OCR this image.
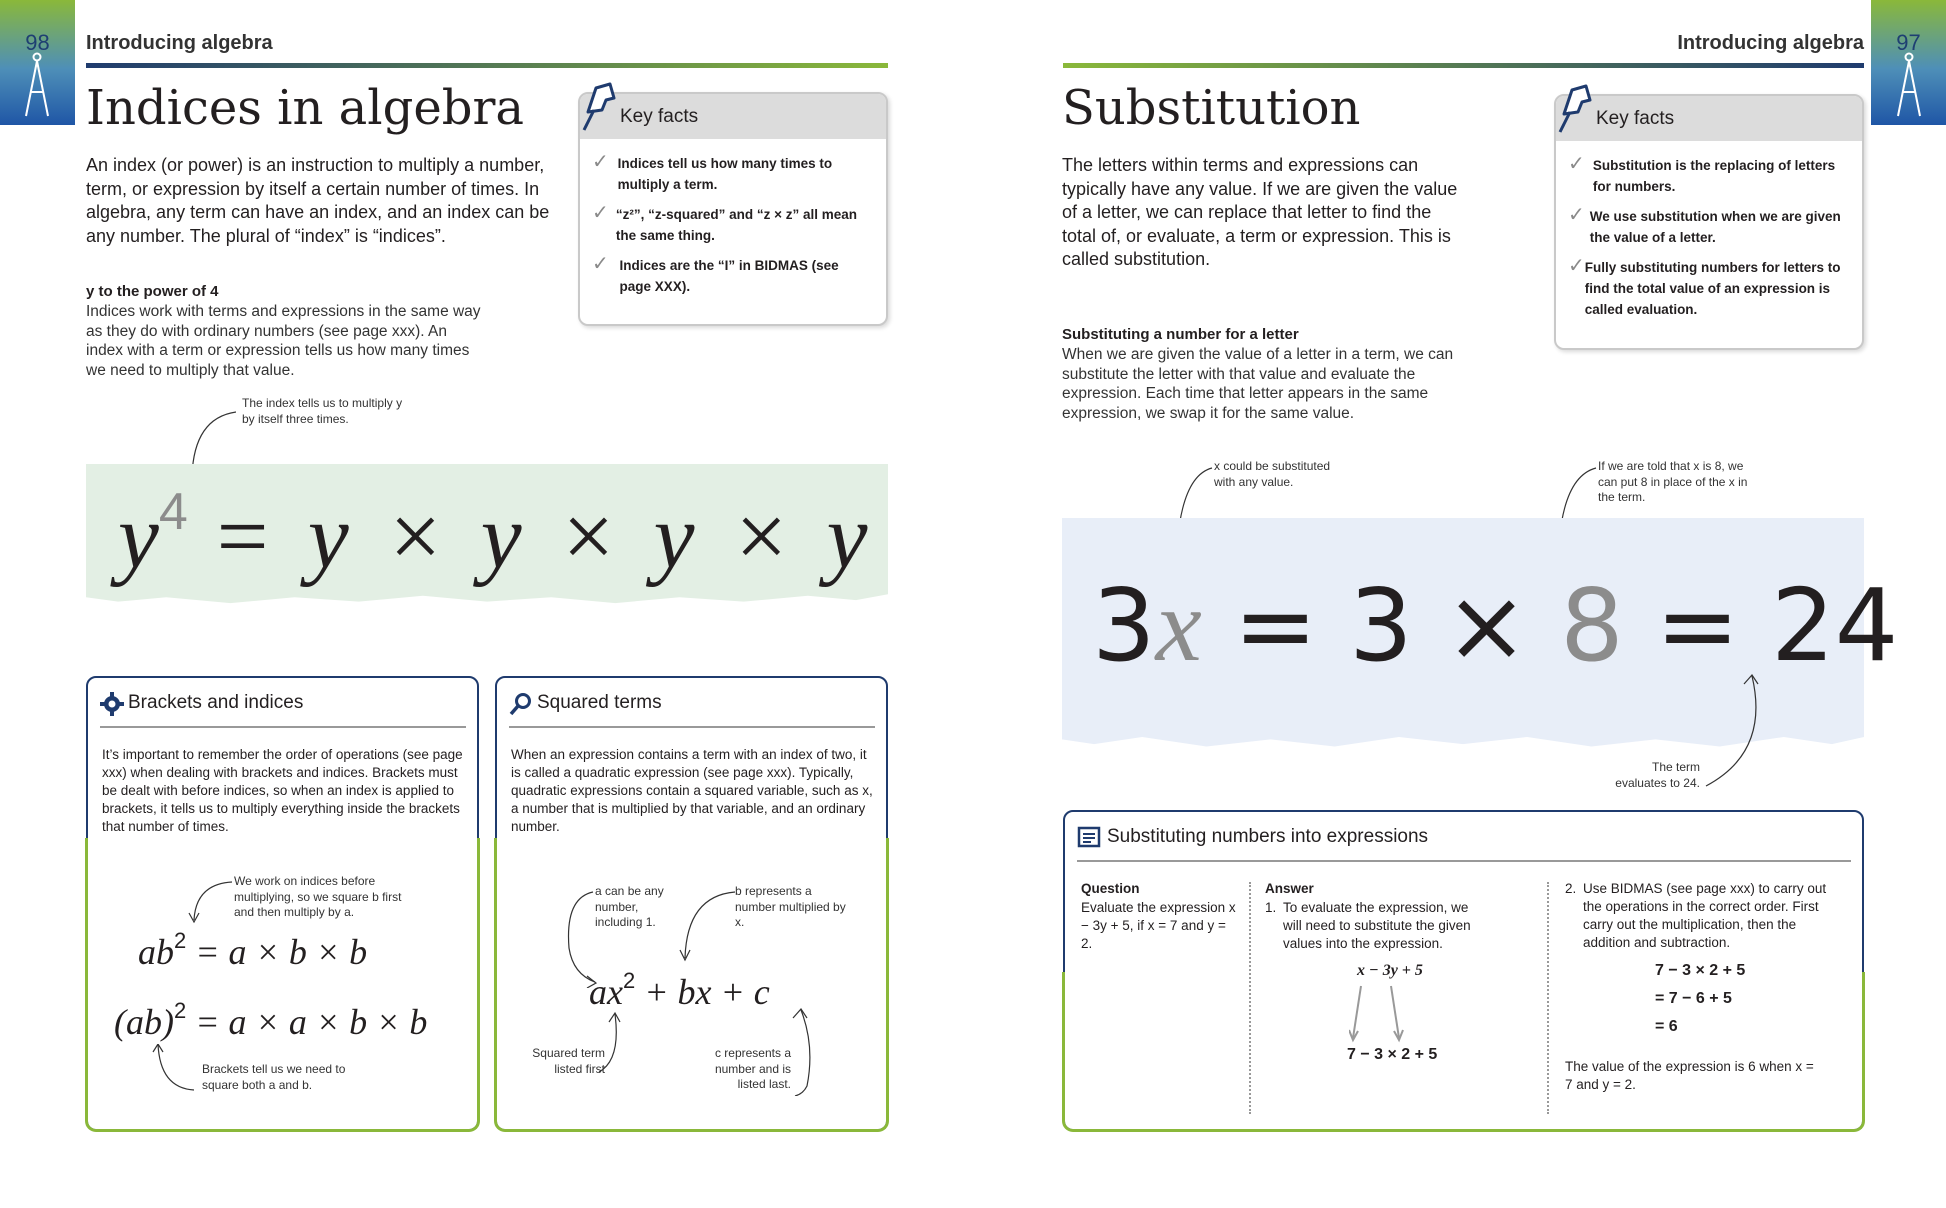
98	Introducing algebra
Indices in algebra
An index (or power) is an instruction to multiply a number, term, or expression by itself a certain number of times. In algebra, any term can have an index, and an index can be any number. The plural of “index” is “indices”.
Key facts
✓ Indices tell us how many times to multiply a term.
✓ “z²”, “z-squared” and “z × z” all mean the same thing.
✓ Indices are the “I” in BIDMAS (see page XXX).
y to the power of 4
Indices work with terms and expressions in the same way as they do with ordinary numbers (see page xxx). An index with a term or expression tells us how many times we need to multiply that value.
The index tells us to multiply y by itself three times.
$y^4 = y \times y \times y \times y$
Brackets and indices
It’s important to remember the order of operations (see page xxx) when dealing with brackets and indices. Brackets must be dealt with before indices, so when an index is applied to brackets, it tells us to multiply everything inside the brackets that number of times.
We work on indices before multiplying, so we square b first and then multiply by a.
$ab^2 = a \times b \times b$
(ab)$^2$ = a × a × b × b
Brackets tell us we need to square both a and b.
Squared terms
When an expression contains a term with an index of two, it is called a quadratic expression (see page xxx). Typically, quadratic expressions contain a squared variable, such as x, a number that is multiplied by that variable, and an ordinary number.
a can be any number, including 1.
b represents a number multiplied by x.
$ax^2$ + bx + c
Squared term listed first
c represents a number and is listed last.
97
Introducing algebra
Substitution
The letters within terms and expressions can typically have any value. If we are given the value of a letter, we can replace that letter to find the total of, or evaluate, a term or expression. This is called substitution.
Key facts
✓ Substitution is the replacing of letters for numbers.
✓ We use substitution when we are given the value of a letter.
✓ Fully substituting numbers for letters to find the total value of an expression is called evaluation.
Substituting a number for a letter
When we are given the value of a letter in a term, we can substitute the letter with that value and evaluate the expression. Each time that letter appears in the same expression, we swap it for the same value.
x could be substituted with any value.
If we are told that x is 8, we can put 8 in place of the x in the term.
3x = 3 × 8 = 24
The term evaluates to 24.
Substituting numbers into expressions
Question
Evaluate the expression x − 3y + 5, if x = 7 and y = 2.
Answer
1. To evaluate the expression, we will need to substitute the given values into the expression.
x − 3y + 5
7 − 3 × 2 + 5
2. Use BIDMAS (see page xxx) to carry out the operations in the correct order. First carry out the multiplication, then the addition and subtraction.
7 − 3 × 2 + 5
= 7 − 6 + 5
= 6
The value of the expression is 6 when x = 7 and y = 2.
